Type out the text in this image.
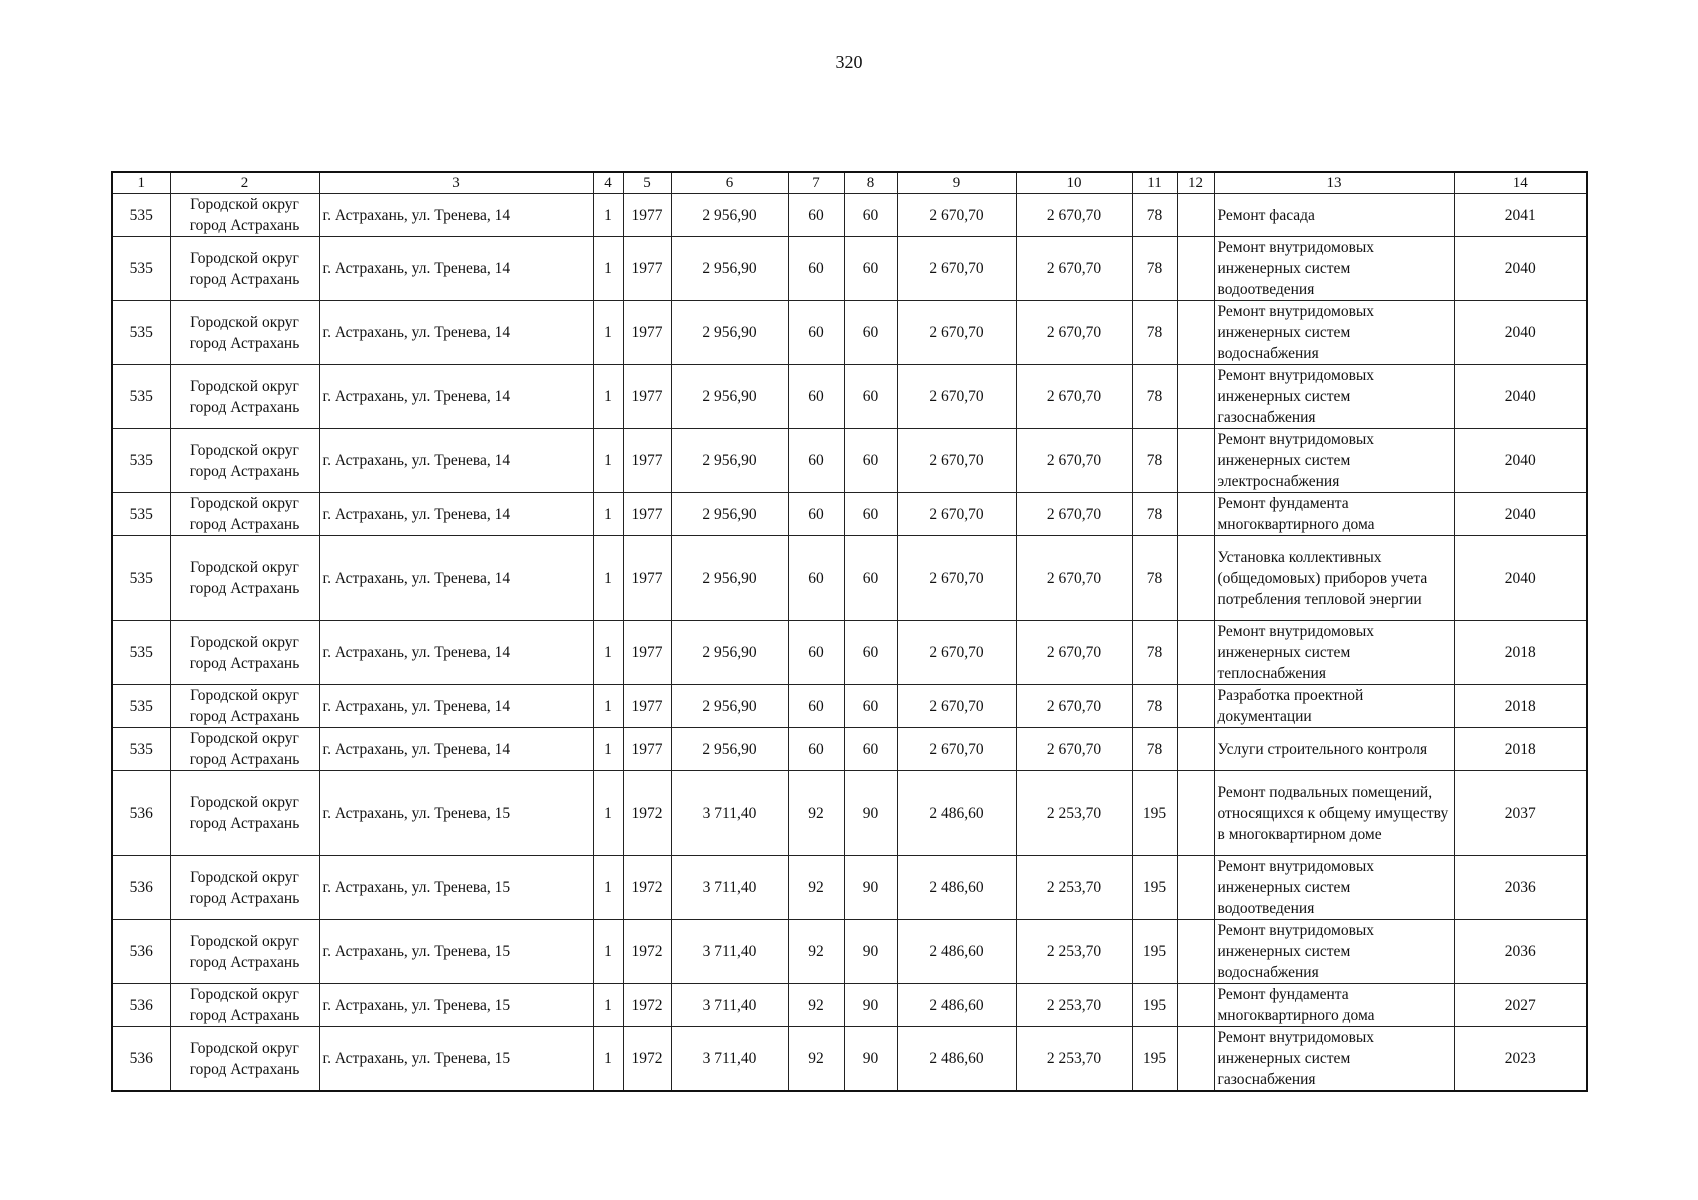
320
1	2	3	4	5	6	7	8	9	10	11	12	13	14
535	Городской округ город Астрахань	г. Астрахань, ул. Тренева, 14	1	1977	2 956,90	60	60	2 670,70	2 670,70	78		Ремонт фасада	2041
535	Городской округ город Астрахань	г. Астрахань, ул. Тренева, 14	1	1977	2 956,90	60	60	2 670,70	2 670,70	78		Ремонт внутридомовых инженерных систем водоотведения	2040
535	Городской округ город Астрахань	г. Астрахань, ул. Тренева, 14	1	1977	2 956,90	60	60	2 670,70	2 670,70	78		Ремонт внутридомовых инженерных систем водоснабжения	2040
535	Городской округ город Астрахань	г. Астрахань, ул. Тренева, 14	1	1977	2 956,90	60	60	2 670,70	2 670,70	78		Ремонт внутридомовых инженерных систем газоснабжения	2040
535	Городской округ город Астрахань	г. Астрахань, ул. Тренева, 14	1	1977	2 956,90	60	60	2 670,70	2 670,70	78		Ремонт внутридомовых инженерных систем электроснабжения	2040
535	Городской округ город Астрахань	г. Астрахань, ул. Тренева, 14	1	1977	2 956,90	60	60	2 670,70	2 670,70	78		Ремонт фундамента многоквартирного дома	2040
535	Городской округ город Астрахань	г. Астрахань, ул. Тренева, 14	1	1977	2 956,90	60	60	2 670,70	2 670,70	78		Установка коллективных (общедомовых) приборов учета потребления тепловой энергии	2040
535	Городской округ город Астрахань	г. Астрахань, ул. Тренева, 14	1	1977	2 956,90	60	60	2 670,70	2 670,70	78		Ремонт внутридомовых инженерных систем теплоснабжения	2018
535	Городской округ город Астрахань	г. Астрахань, ул. Тренева, 14	1	1977	2 956,90	60	60	2 670,70	2 670,70	78		Разработка проектной документации	2018
535	Городской округ город Астрахань	г. Астрахань, ул. Тренева, 14	1	1977	2 956,90	60	60	2 670,70	2 670,70	78		Услуги строительного контроля	2018
536	Городской округ город Астрахань	г. Астрахань, ул. Тренева, 15	1	1972	3 711,40	92	90	2 486,60	2 253,70	195		Ремонт подвальных помещений, относящихся к общему имуществу в многоквартирном доме	2037
536	Городской округ город Астрахань	г. Астрахань, ул. Тренева, 15	1	1972	3 711,40	92	90	2 486,60	2 253,70	195		Ремонт внутридомовых инженерных систем водоотведения	2036
536	Городской округ город Астрахань	г. Астрахань, ул. Тренева, 15	1	1972	3 711,40	92	90	2 486,60	2 253,70	195		Ремонт внутридомовых инженерных систем водоснабжения	2036
536	Городской округ город Астрахань	г. Астрахань, ул. Тренева, 15	1	1972	3 711,40	92	90	2 486,60	2 253,70	195		Ремонт фундамента многоквартирного дома	2027
536	Городской округ город Астрахань	г. Астрахань, ул. Тренева, 15	1	1972	3 711,40	92	90	2 486,60	2 253,70	195		Ремонт внутридомовых инженерных систем газоснабжения	2023
